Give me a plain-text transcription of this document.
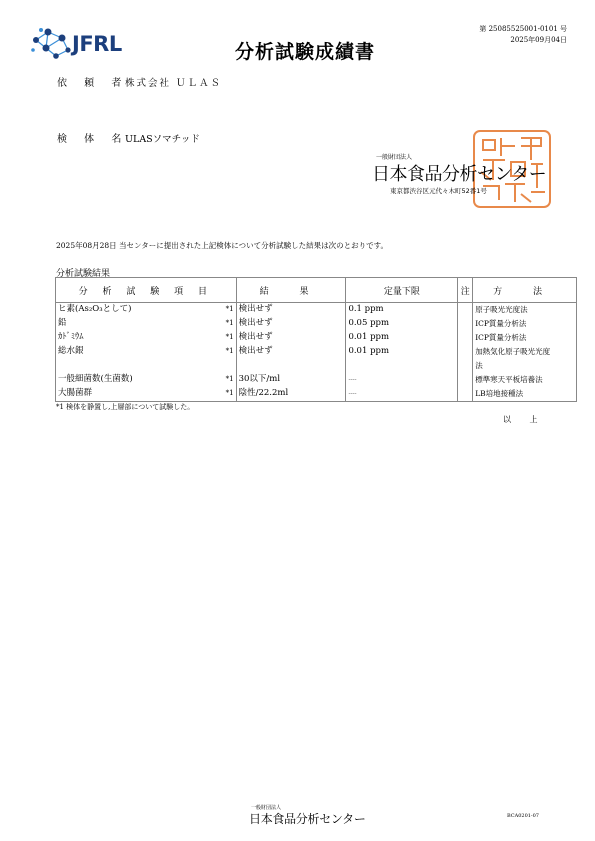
JFRL	分析試験成績書
第 25085525001-0101 号
2025年09月04日
依 頼 者
株式会社 ＵＬＡＳ
検 体 名
ULASソマチッド
一般財団法人
日本食品分析センター
東京都渋谷区元代々木町52番1号
2025年08月28日 当センターに提出された上記検体について分析試験した結果は次のとおりです。
分析試験結果
分 析 試 験 項 目	結 果	定量下限	注	方 法

*1
ヒ素(As₂O₃として)	検出せず	0.1 ppm		原子吸光光度法

*1
鉛	検出せず	0.05 ppm		ICP質量分析法

*1
ｶﾄﾞﾐｳﾑ	検出せず	0.01 ppm		ICP質量分析法

*1
総水銀	検出せず	0.01 ppm		加熱気化原子吸光光度

				法

*1
一般細菌数(生菌数)	30以下/ml	----		標準寒天平板培養法

*1
大腸菌群	陰性/22.2ml	----		LB培地接種法
*1 検体を静置し,上層部について試験した。
以 上
一般財団法人
日本食品分析センター	BCA0201-07
